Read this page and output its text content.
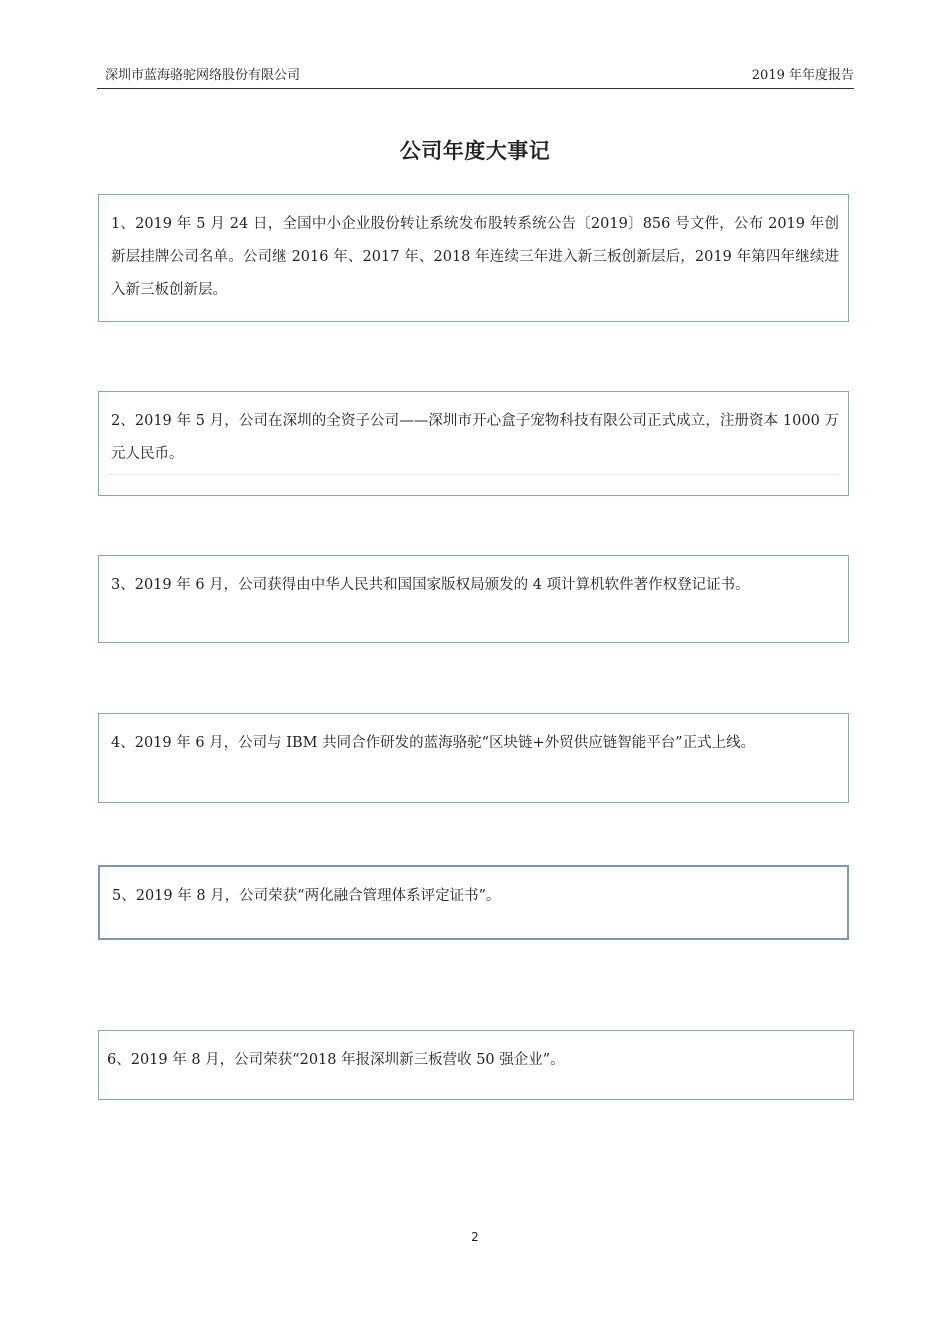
深圳市蓝海骆驼网络股份有限公司	2019 年年度报告
公司年度大事记
1、2019 年 5 月 24 日，全国中小企业股份转让系统发布股转系统公告〔2019〕856 号文件，公布 2019 年创新层挂牌公司名单。公司继 2016 年、2017 年、2018 年连续三年进入新三板创新层后，2019 年第四年继续进入新三板创新层。
2、2019 年 5 月，公司在深圳的全资子公司——深圳市开心盒子宠物科技有限公司正式成立，注册资本 1000 万元人民币。
3、2019 年 6 月，公司获得由中华人民共和国国家版权局颁发的 4 项计算机软件著作权登记证书。
4、2019 年 6 月，公司与 IBM 共同合作研发的蓝海骆驼“区块链+外贸供应链智能平台”正式上线。
5、2019 年 8 月，公司荣获“两化融合管理体系评定证书”。
6、2019 年 8 月，公司荣获“2018 年报深圳新三板营收 50 强企业”。
2
